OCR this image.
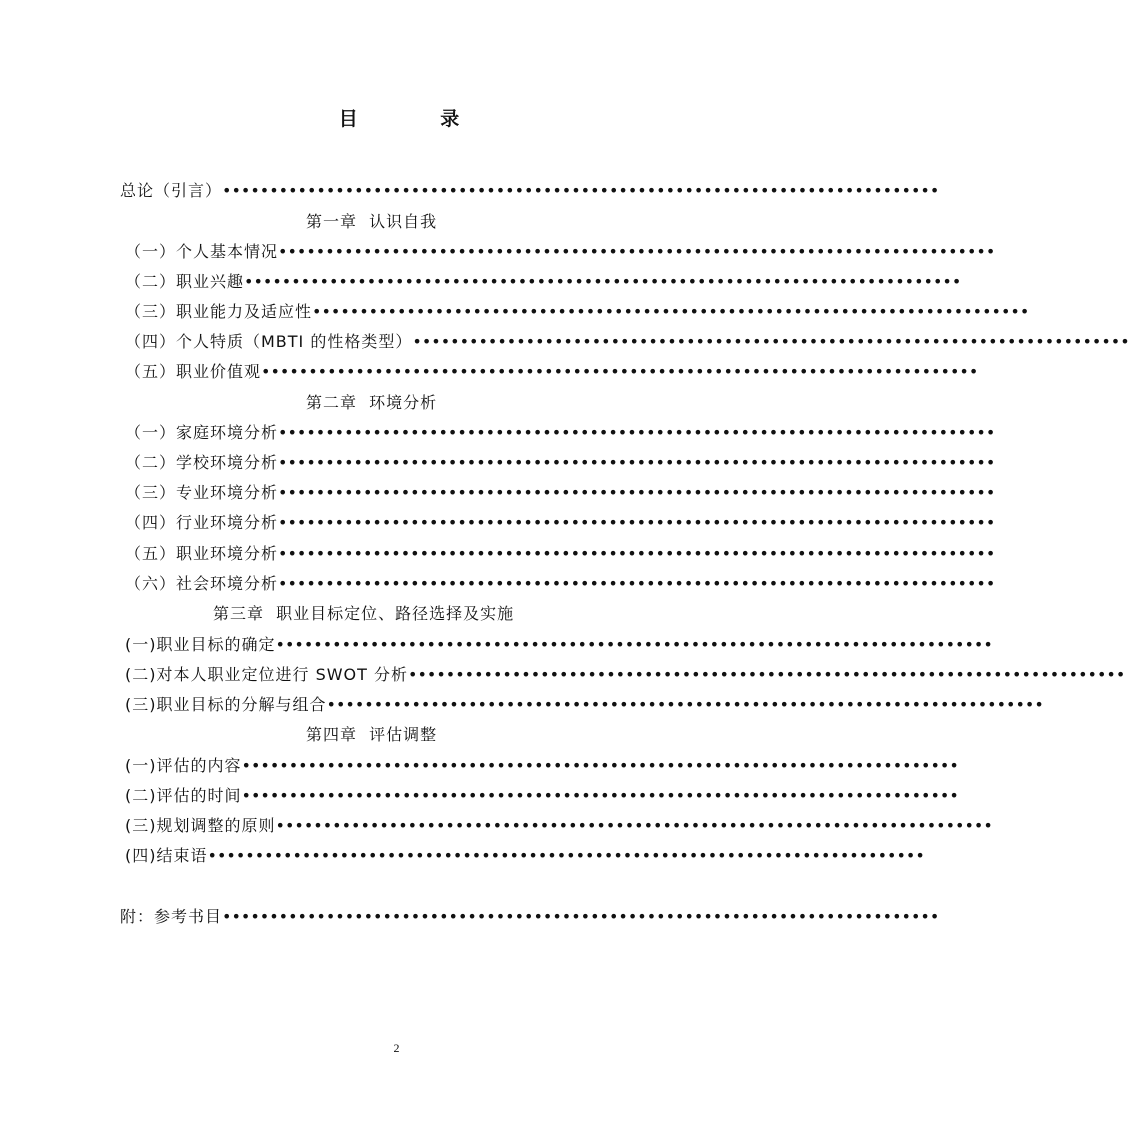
目 录
总论（引言）••••••••••••••••••••••••••••••••••••••••••••••••••••••••••••••••••••••••••••
第一章  认识自我
（一）个人基本情况••••••••••••••••••••••••••••••••••••••••••••••••••••••••••••••••••••••••••••
（二）职业兴趣••••••••••••••••••••••••••••••••••••••••••••••••••••••••••••••••••••••••••••
（三）职业能力及适应性••••••••••••••••••••••••••••••••••••••••••••••••••••••••••••••••••••••••••••
（四）个人特质（MBTI 的性格类型）••••••••••••••••••••••••••••••••••••••••••••••••••••••••••••••••••••••••••••
（五）职业价值观••••••••••••••••••••••••••••••••••••••••••••••••••••••••••••••••••••••••••••
第二章  环境分析
（一）家庭环境分析••••••••••••••••••••••••••••••••••••••••••••••••••••••••••••••••••••••••••••
（二）学校环境分析••••••••••••••••••••••••••••••••••••••••••••••••••••••••••••••••••••••••••••
（三）专业环境分析••••••••••••••••••••••••••••••••••••••••••••••••••••••••••••••••••••••••••••
（四）行业环境分析••••••••••••••••••••••••••••••••••••••••••••••••••••••••••••••••••••••••••••
（五）职业环境分析••••••••••••••••••••••••••••••••••••••••••••••••••••••••••••••••••••••••••••
（六）社会环境分析••••••••••••••••••••••••••••••••••••••••••••••••••••••••••••••••••••••••••••
第三章  职业目标定位、路径选择及实施
(一)职业目标的确定••••••••••••••••••••••••••••••••••••••••••••••••••••••••••••••••••••••••••••
(二)对本人职业定位进行 SWOT 分析••••••••••••••••••••••••••••••••••••••••••••••••••••••••••••••••••••••••••••
(三)职业目标的分解与组合••••••••••••••••••••••••••••••••••••••••••••••••••••••••••••••••••••••••••••
第四章  评估调整
(一)评估的内容••••••••••••••••••••••••••••••••••••••••••••••••••••••••••••••••••••••••••••
(二)评估的时间••••••••••••••••••••••••••••••••••••••••••••••••••••••••••••••••••••••••••••
(三)规划调整的原则••••••••••••••••••••••••••••••••••••••••••••••••••••••••••••••••••••••••••••
(四)结束语••••••••••••••••••••••••••••••••••••••••••••••••••••••••••••••••••••••••••••
附：参考书目••••••••••••••••••••••••••••••••••••••••••••••••••••••••••••••••••••••••••••
2
